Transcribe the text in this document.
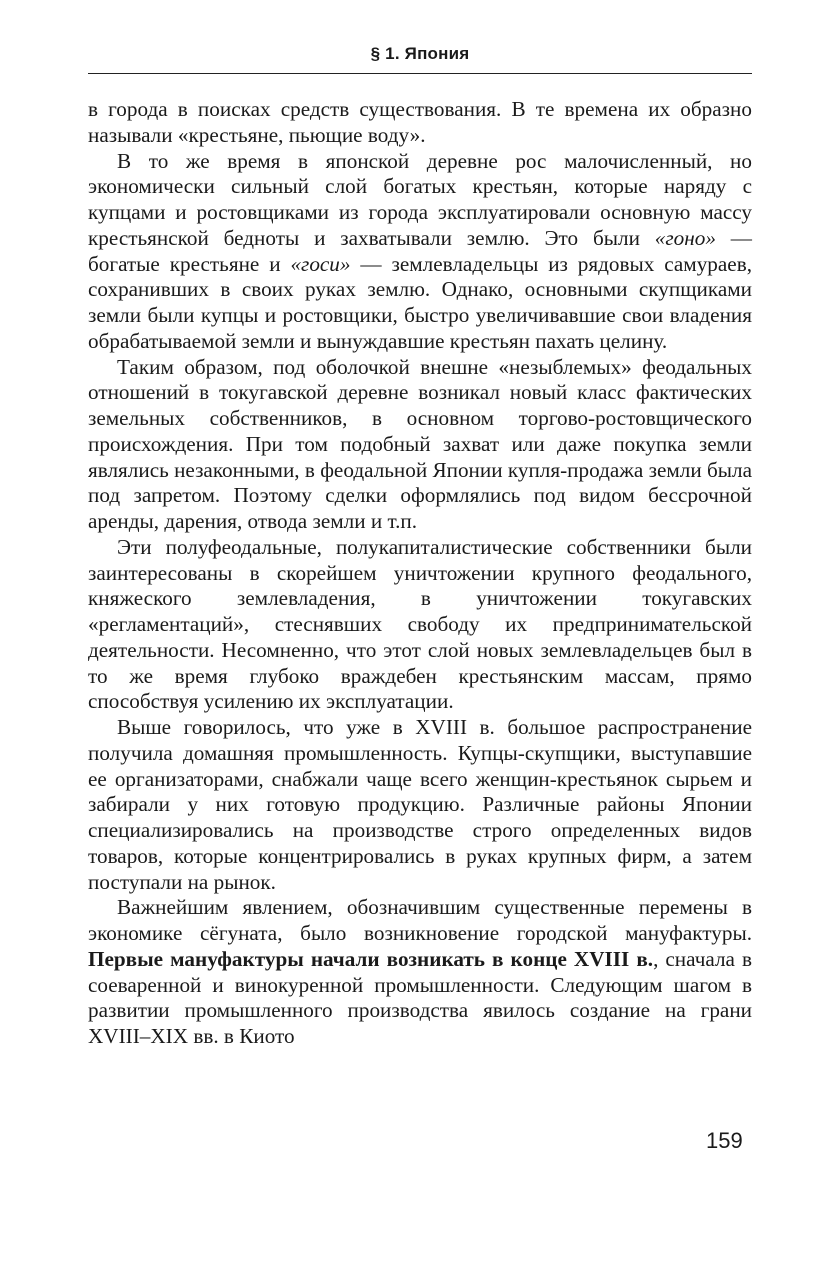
§ 1. Япония

в города в поисках средств существования. В те времена их образно называли «крестьяне, пьющие воду».

В то же время в японской деревне рос малочисленный, но экономически сильный слой богатых крестьян, которые наряду с купцами и ростовщиками из города эксплуатировали основную массу крестьянской бедноты и захватывали землю. Это были «гоно» — богатые крестьяне и «госи» — землевладельцы из рядовых самураев, сохранивших в своих руках землю. Однако, основными скупщиками земли были купцы и ростовщики, быстро увеличивавшие свои владения обрабатываемой земли и вынуждавшие крестьян пахать целину.

Таким образом, под оболочкой внешне «незыблемых» феодальных отношений в токугавской деревне возникал новый класс фактических земельных собственников, в основном торгово-ростовщического происхождения. При том подобный захват или даже покупка земли являлись незаконными, в феодальной Японии купля-продажа земли была под запретом. Поэтому сделки оформлялись под видом бессрочной аренды, дарения, отвода земли и т.п.

Эти полуфеодальные, полукапиталистические собственники были заинтересованы в скорейшем уничтожении крупного феодального, княжеского землевладения, в уничтожении токугавских «регламентаций», стеснявших свободу их предпринимательской деятельности. Несомненно, что этот слой новых землевладельцев был в то же время глубоко враждебен крестьянским массам, прямо способствуя усилению их эксплуатации.

Выше говорилось, что уже в XVIII в. большое распространение получила домашняя промышленность. Купцы-скупщики, выступавшие ее организаторами, снабжали чаще всего женщин-крестьянок сырьем и забирали у них готовую продукцию. Различные районы Японии специализировались на производстве строго определенных видов товаров, которые концентрировались в руках крупных фирм, а затем поступали на рынок.

Важнейшим явлением, обозначившим существенные перемены в экономике сёгуната, было возникновение городской мануфактуры. Первые мануфактуры начали возникать в конце XVIII в., сначала в соеваренной и винокуренной промышленности. Следующим шагом в развитии промышленного производства явилось создание на грани XVIII–XIX вв. в Киото

159
